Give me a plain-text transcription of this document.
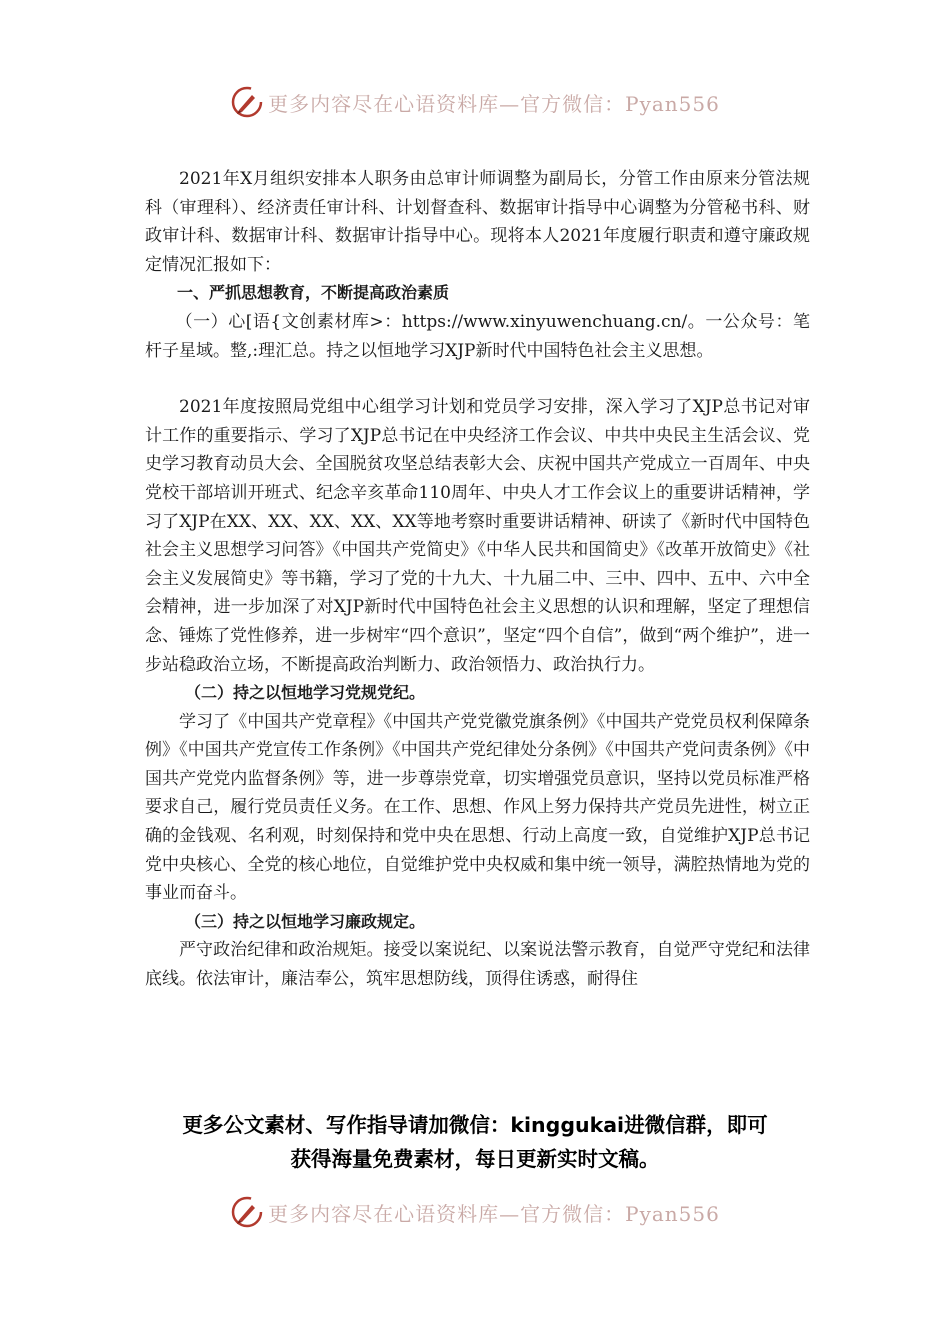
更多内容尽在心语资料库—官方微信：Pyan556

2021年X月组织安排本人职务由总审计师调整为副局长，分管工作由原来分管法规科（审理科）、经济责任审计科、计划督查科、数据审计指导中心调整为分管秘书科、财政审计科、数据审计科、数据审计指导中心。现将本人2021年度履行职责和遵守廉政规定情况汇报如下：

一、严抓思想教育，不断提高政治素质

（一）心[语{文创素材库>：https://www.xinyuwenchuang.cn/。一公众号：笔杆子星域。整,:理汇总。持之以恒地学习XJP新时代中国特色社会主义思想。

2021年度按照局党组中心组学习计划和党员学习安排，深入学习了XJP总书记对审计工作的重要指示、学习了XJP总书记在中央经济工作会议、中共中央民主生活会议、党史学习教育动员大会、全国脱贫攻坚总结表彰大会、庆祝中国共产党成立一百周年、中央党校干部培训开班式、纪念辛亥革命110周年、中央人才工作会议上的重要讲话精神，学习了XJP在XX、XX、XX、XX、XX等地考察时重要讲话精神、研读了《新时代中国特色社会主义思想学习问答》《中国共产党简史》《中华人民共和国简史》《改革开放简史》《社会主义发展简史》等书籍，学习了党的十九大、十九届二中、三中、四中、五中、六中全会精神，进一步加深了对XJP新时代中国特色社会主义思想的认识和理解，坚定了理想信念、锤炼了党性修养，进一步树牢“四个意识”，坚定“四个自信”，做到“两个维护”，进一步站稳政治立场，不断提高政治判断力、政治领悟力、政治执行力。

（二）持之以恒地学习党规党纪。

学习了《中国共产党章程》《中国共产党党徽党旗条例》《中国共产党党员权利保障条例》《中国共产党宣传工作条例》《中国共产党纪律处分条例》《中国共产党问责条例》《中国共产党党内监督条例》等，进一步尊崇党章，切实增强党员意识，坚持以党员标准严格要求自己，履行党员责任义务。在工作、思想、作风上努力保持共产党员先进性，树立正确的金钱观、名利观，时刻保持和党中央在思想、行动上高度一致，自觉维护XJP总书记党中央核心、全党的核心地位，自觉维护党中央权威和集中统一领导，满腔热情地为党的事业而奋斗。

（三）持之以恒地学习廉政规定。

严守政治纪律和政治规矩。接受以案说纪、以案说法警示教育，自觉严守党纪和法律底线。依法审计，廉洁奉公，筑牢思想防线，顶得住诱惑，耐得住

更多公文素材、写作指导请加微信：kinggukai进微信群，即可
获得海量免费素材，每日更新实时文稿。
更多内容尽在心语资料库—官方微信：Pyan556
